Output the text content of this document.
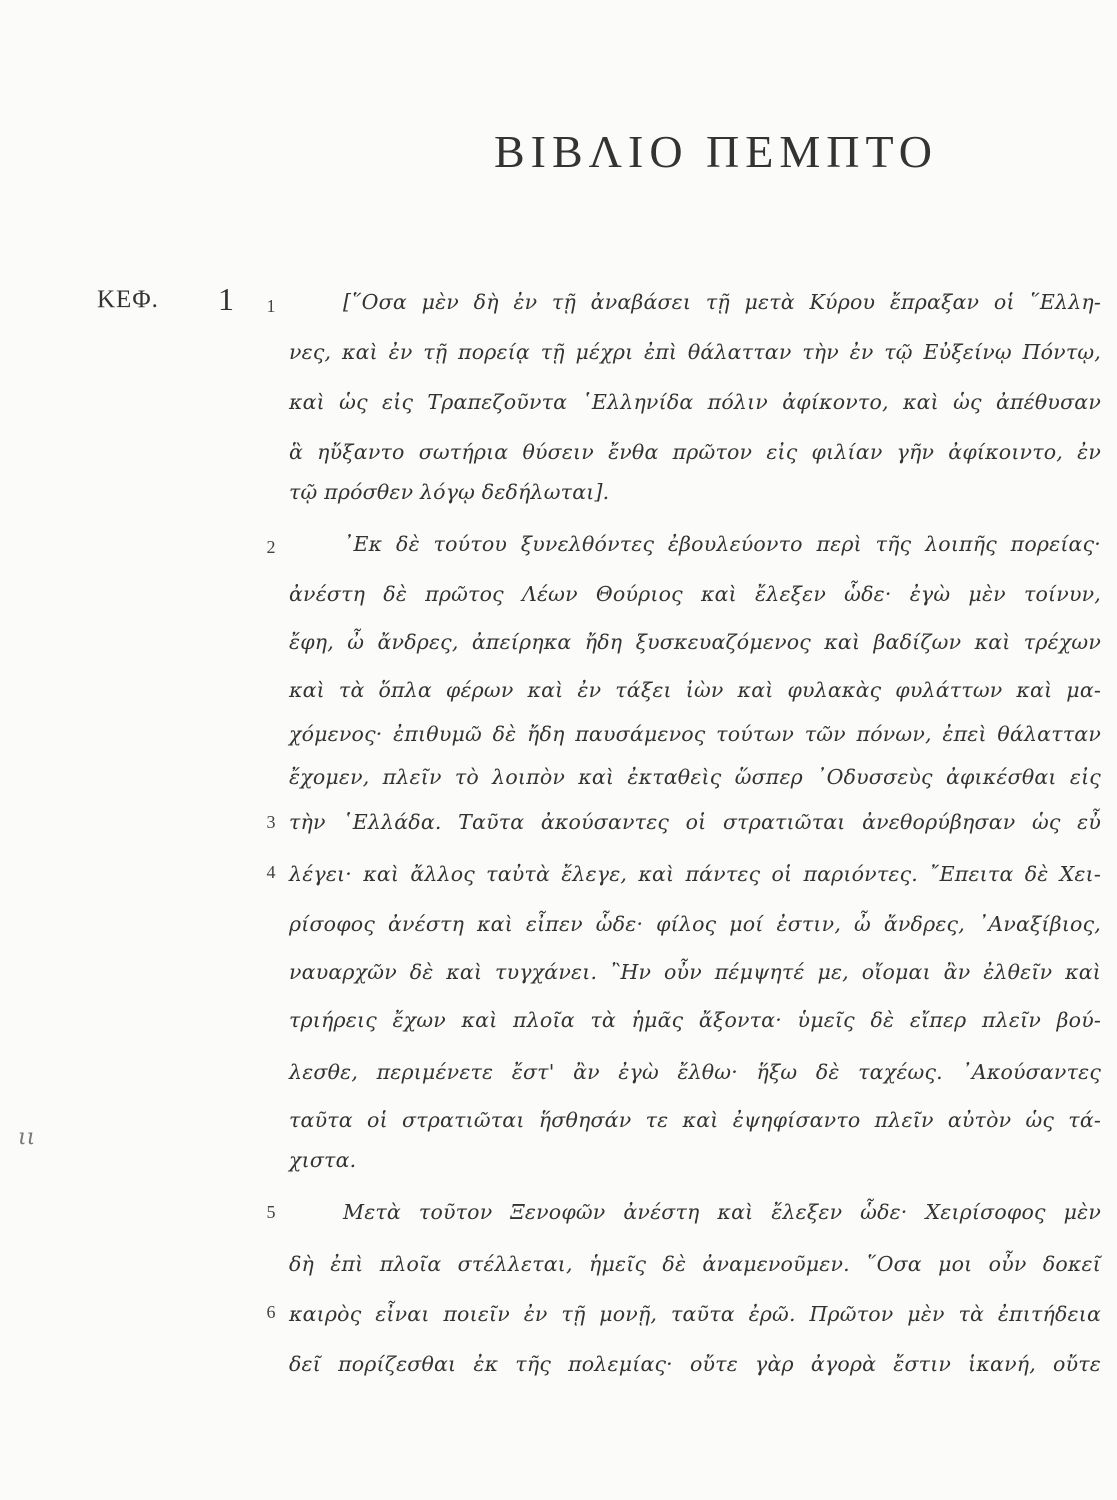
ΒΙΒΛΙΟ ΠΕΜΠΤΟ
ΚΕΦ. 1	1
2
3
4
5
6
[῞Οσα μὲν δὴ ἐν τῇ ἀναβάσει τῇ μετὰ Κύρου ἔπραξαν οἱ ῞Ελλη-
νες, καὶ ἐν τῇ πορείᾳ τῇ μέχρι ἐπὶ θάλατταν τὴν ἐν τῷ Εὐξείνῳ Πόντῳ,
καὶ ὡς εἰς Τραπεζοῦντα ῾Ελληνίδα πόλιν ἀφίκοντο, καὶ ὡς ἀπέθυσαν
ἃ ηὔξαντο σωτήρια θύσειν ἔνθα πρῶτον εἰς φιλίαν γῆν ἀφίκοιντο, ἐν
τῷ πρόσθεν λόγῳ δεδήλωται].
᾿Εκ δὲ τούτου ξυνελθόντες ἐβουλεύοντο περὶ τῆς λοιπῆς πορείας·
ἀνέστη δὲ πρῶτος Λέων Θούριος καὶ ἔλεξεν ὧδε· ἐγὼ μὲν τοίνυν,
ἔφη, ὦ ἄνδρες, ἀπείρηκα ἤδη ξυσκευαζόμενος καὶ βαδίζων καὶ τρέχων
καὶ τὰ ὅπλα φέρων καὶ ἐν τάξει ἰὼν καὶ φυλακὰς φυλάττων καὶ μα-
χόμενος· ἐπιθυμῶ δὲ ἤδη παυσάμενος τούτων τῶν πόνων, ἐπεὶ θάλατταν
ἔχομεν, πλεῖν τὸ λοιπὸν καὶ ἐκταθεὶς ὥσπερ ᾿Οδυσσεὺς ἀφικέσθαι εἰς
τὴν ῾Ελλάδα. Ταῦτα ἀκούσαντες οἱ στρατιῶται ἀνεθορύβησαν ὡς εὖ
λέγει· καὶ ἄλλος ταὐτὰ ἔλεγε, καὶ πάντες οἱ παριόντες. ῎Επειτα δὲ Χει-
ρίσοφος ἀνέστη καὶ εἶπεν ὧδε· φίλος μοί ἐστιν, ὦ ἄνδρες, ᾿Αναξίβιος,
ναυαρχῶν δὲ καὶ τυγχάνει. ῍Ην οὖν πέμψητέ με, οἴομαι ἂν ἐλθεῖν καὶ
τριήρεις ἔχων καὶ πλοῖα τὰ ἡμᾶς ἄξοντα· ὑμεῖς δὲ εἴπερ πλεῖν βού-
λεσθε, περιμένετε ἔστ' ἂν ἐγὼ ἔλθω· ἥξω δὲ ταχέως. ᾿Ακούσαντες
ταῦτα οἱ στρατιῶται ἥσθησάν τε καὶ ἐψηφίσαντο πλεῖν αὐτὸν ὡς τά-
χιστα.
Μετὰ τοῦτον Ξενοφῶν ἀνέστη καὶ ἔλεξεν ὧδε· Χειρίσοφος μὲν
δὴ ἐπὶ πλοῖα στέλλεται, ἡμεῖς δὲ ἀναμενοῦμεν. ῞Οσα μοι οὖν δοκεῖ
καιρὸς εἶναι ποιεῖν ἐν τῇ μονῇ, ταῦτα ἐρῶ. Πρῶτον μὲν τὰ ἐπιτήδεια
δεῖ πορίζεσθαι ἐκ τῆς πολεμίας· οὔτε γὰρ ἀγορὰ ἔστιν ἱκανή, οὔτε
ιι
